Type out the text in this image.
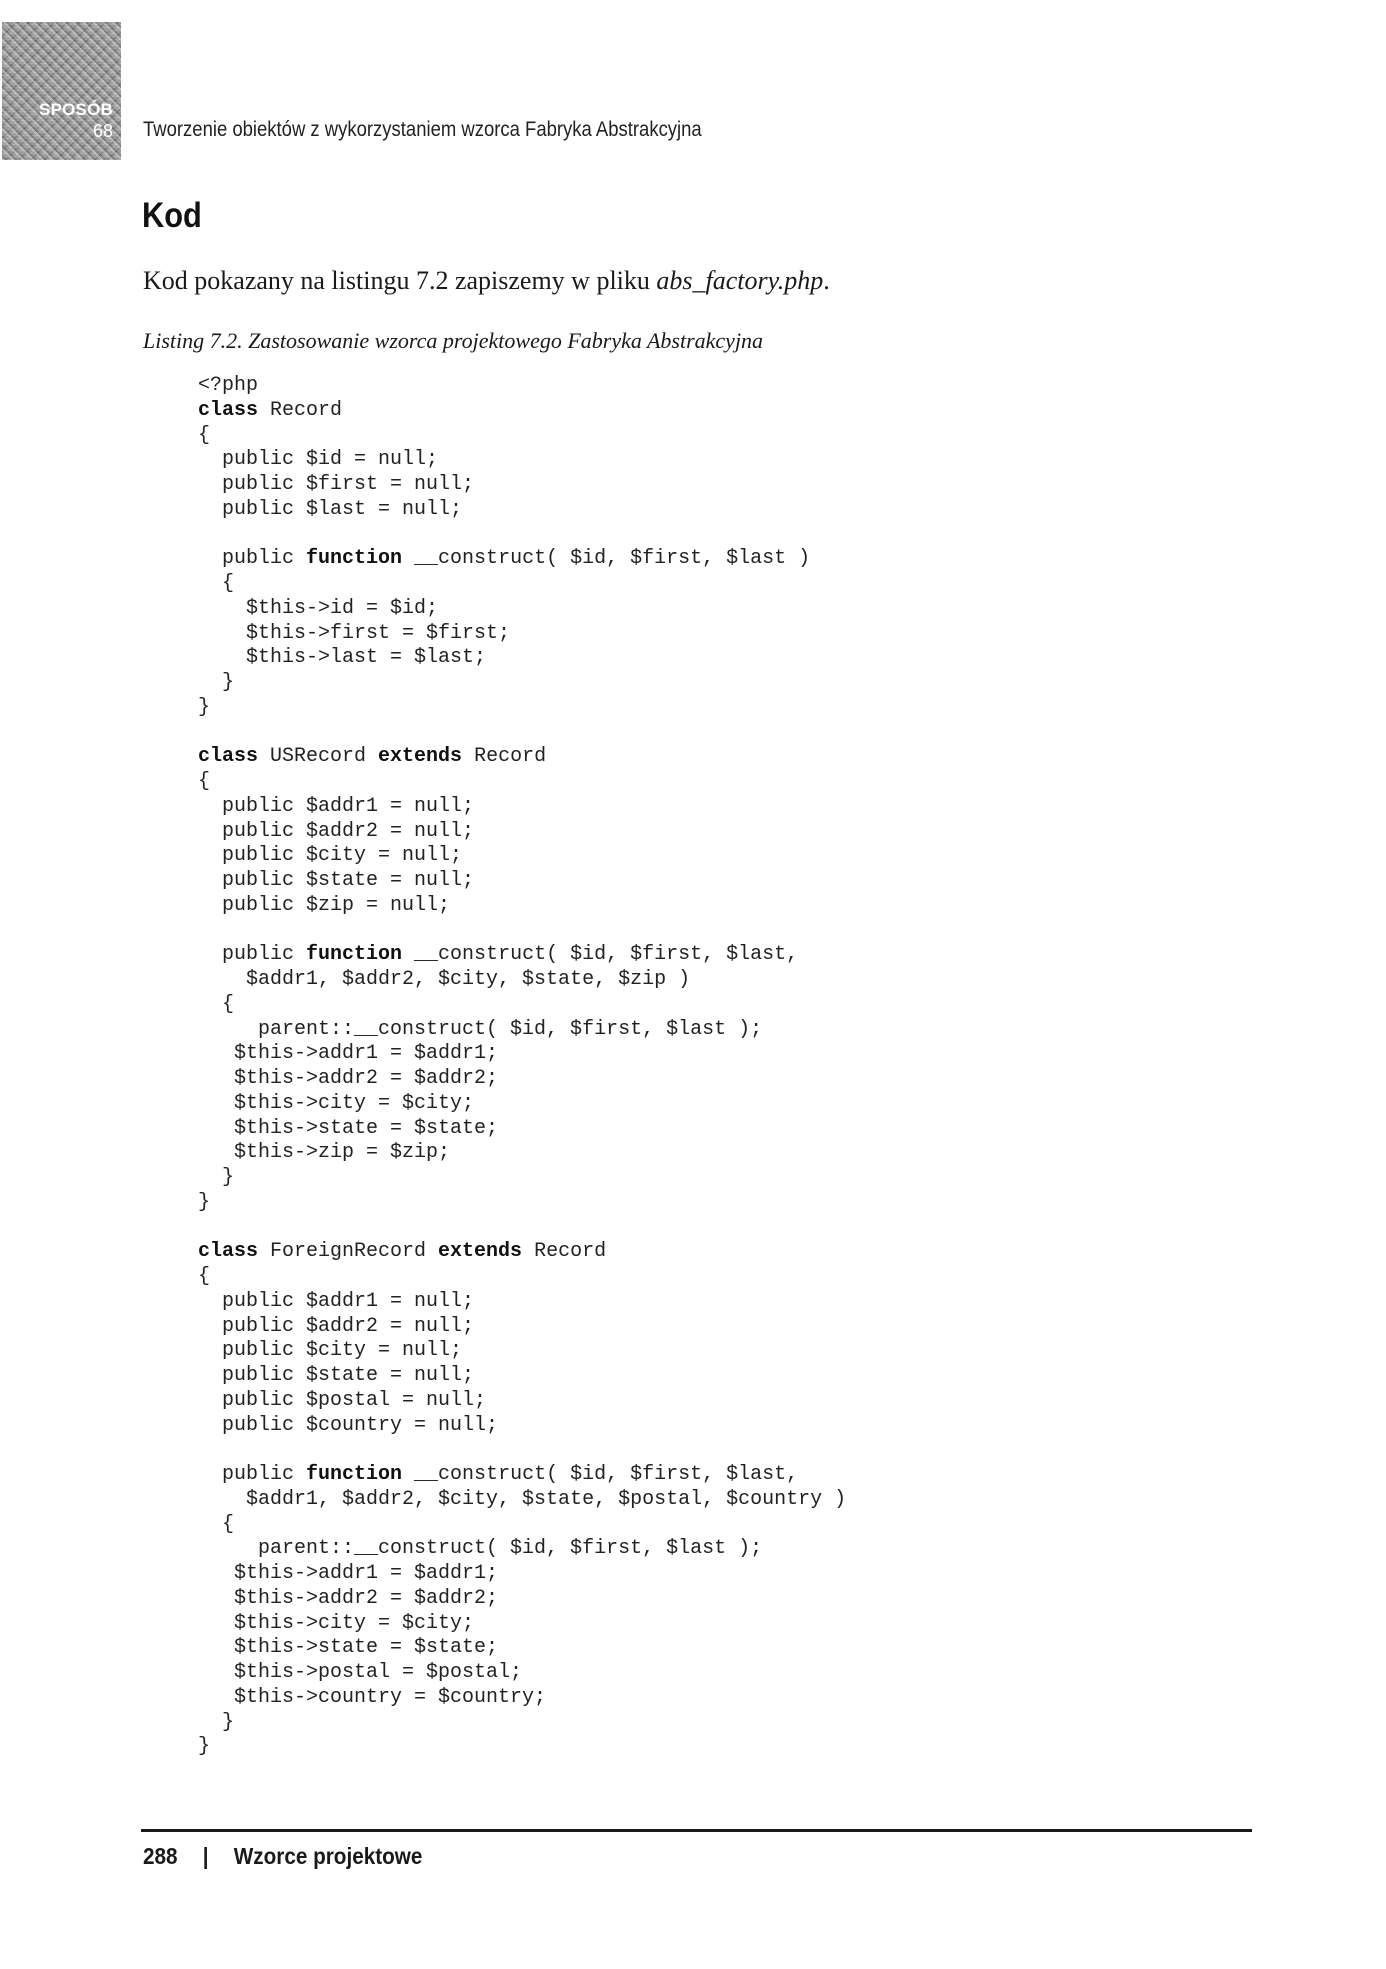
SPOSÓB
68 Tworzenie obiektów z wykorzystaniem wzorca Fabryka Abstrakcyjna
Kod

Kod pokazany na listingu 7.2 zapiszemy w pliku abs_factory.php.

Listing 7.2. Zastosowanie wzorca projektowego Fabryka Abstrakcyjna

<?php
class Record
{
public $id = null;
public $first = null;
public $last = null;
public function __construct( $id, $first, $last )
{
$this->id = $id;
$this->first = $first;
$this->last = $last;
}
}
class USRecord extends Record
{
public $addr1 = null;
public $addr2 = null;
public $city = null;
public $state = null;
public $zip = null;
public function __construct( $id, $first, $last,
$addr1, $addr2, $city, $state, $zip )
{
parent::__construct( $id, $first, $last );
$this->addr1 = $addr1;
$this->addr2 = $addr2;
$this->city = $city;
$this->state = $state;
$this->zip = $zip;
}
}
class ForeignRecord extends Record
{
public $addr1 = null;
public $addr2 = null;
public $city = null;
public $state = null;
public $postal = null;
public $country = null;
public function __construct( $id, $first, $last,
$addr1, $addr2, $city, $state, $postal, $country )
{
parent::__construct( $id, $first, $last );
$this->addr1 = $addr1;
$this->addr2 = $addr2;
$this->city = $city;
$this->state = $state;
$this->postal = $postal;
$this->country = $country;
}
}
288 | Wzorce projektowe
